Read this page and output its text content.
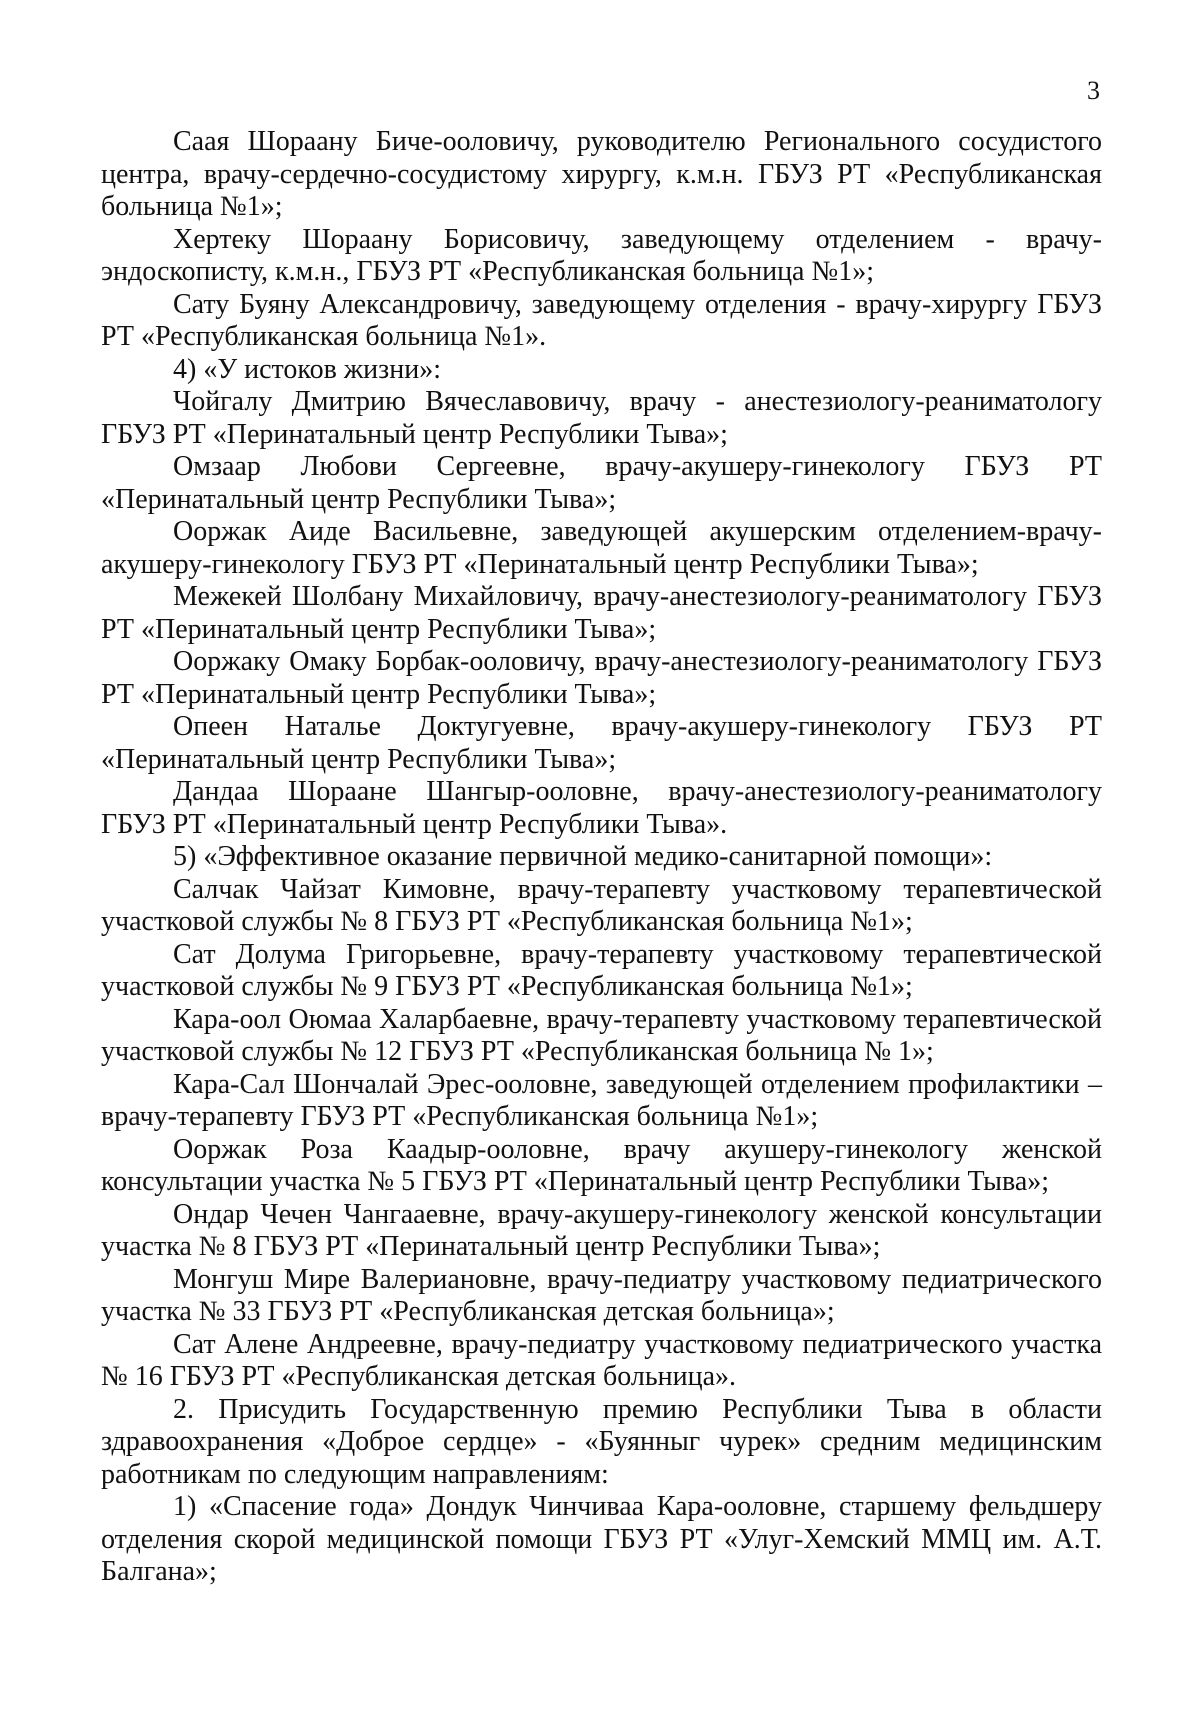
3

Саая Шораану Биче-ооловичу, руководителю Регионального сосудистого центра, врачу-сердечно-сосудистому хирургу, к.м.н. ГБУЗ РТ «Республиканская больница №1»;

Хертеку Шораану Борисовичу, заведующему отделением - врачу-эндоскописту, к.м.н., ГБУЗ РТ «Республиканская больница №1»;

Сату Буяну Александровичу, заведующему отделения - врачу-хирургу ГБУЗ РТ «Республиканская больница №1».

4) «У истоков жизни»:

Чойгалу Дмитрию Вячеславовичу, врачу - анестезиологу-реаниматологу ГБУЗ РТ «Перинатальный центр Республики Тыва»;

Омзаар Любови Сергеевне, врачу-акушеру-гинекологу ГБУЗ РТ «Перинатальный центр Республики Тыва»;

Ооржак Аиде Васильевне, заведующей акушерским отделением-врачу-акушеру-гинекологу ГБУЗ РТ «Перинатальный центр Республики Тыва»;

Межекей Шолбану Михайловичу, врачу-анестезиологу-реаниматологу ГБУЗ РТ «Перинатальный центр Республики Тыва»;

Ооржаку Омаку Борбак-ооловичу, врачу-анестезиологу-реаниматологу ГБУЗ РТ «Перинатальный центр Республики Тыва»;

Опеен Наталье Доктугуевне, врачу-акушеру-гинекологу ГБУЗ РТ «Перинатальный центр Республики Тыва»;

Дандаа Шораане Шангыр-ооловне, врачу-анестезиологу-реаниматологу ГБУЗ РТ «Перинатальный центр Республики Тыва».

5) «Эффективное оказание первичной медико-санитарной помощи»:

Салчак Чайзат Кимовне, врачу-терапевту участковому терапевтической участковой службы № 8 ГБУЗ РТ «Республиканская больница №1»;

Сат Долума Григорьевне, врачу-терапевту участковому терапевтической участковой службы № 9 ГБУЗ РТ «Республиканская больница №1»;

Кара-оол Оюмаа Халарбаевне, врачу-терапевту участковому терапевтической участковой службы № 12 ГБУЗ РТ «Республиканская больница № 1»;

Кара-Сал Шончалай Эрес-ооловне, заведующей отделением профилактики – врачу-терапевту ГБУЗ РТ «Республиканская больница №1»;

Ооржак Роза Каадыр-ооловне, врачу акушеру-гинекологу женской консультации участка № 5 ГБУЗ РТ «Перинатальный центр Республики Тыва»;

Ондар Чечен Чангааевне, врачу-акушеру-гинекологу женской консультации участка № 8 ГБУЗ РТ «Перинатальный центр Республики Тыва»;

Монгуш Мире Валериановне, врачу-педиатру участковому педиатрического участка № 33 ГБУЗ РТ «Республиканская детская больница»;

Сат Алене Андреевне, врачу-педиатру участковому педиатрического участка № 16 ГБУЗ РТ «Республиканская детская больница».

2. Присудить Государственную премию Республики Тыва в области здравоохранения «Доброе сердце» - «Буянныг чурек» средним медицинским работникам по следующим направлениям:

1) «Спасение года» Дондук Чинчиваа Кара-ооловне, старшему фельдшеру отделения скорой медицинской помощи ГБУЗ РТ «Улуг-Хемский ММЦ им. А.Т. Балгана»;
